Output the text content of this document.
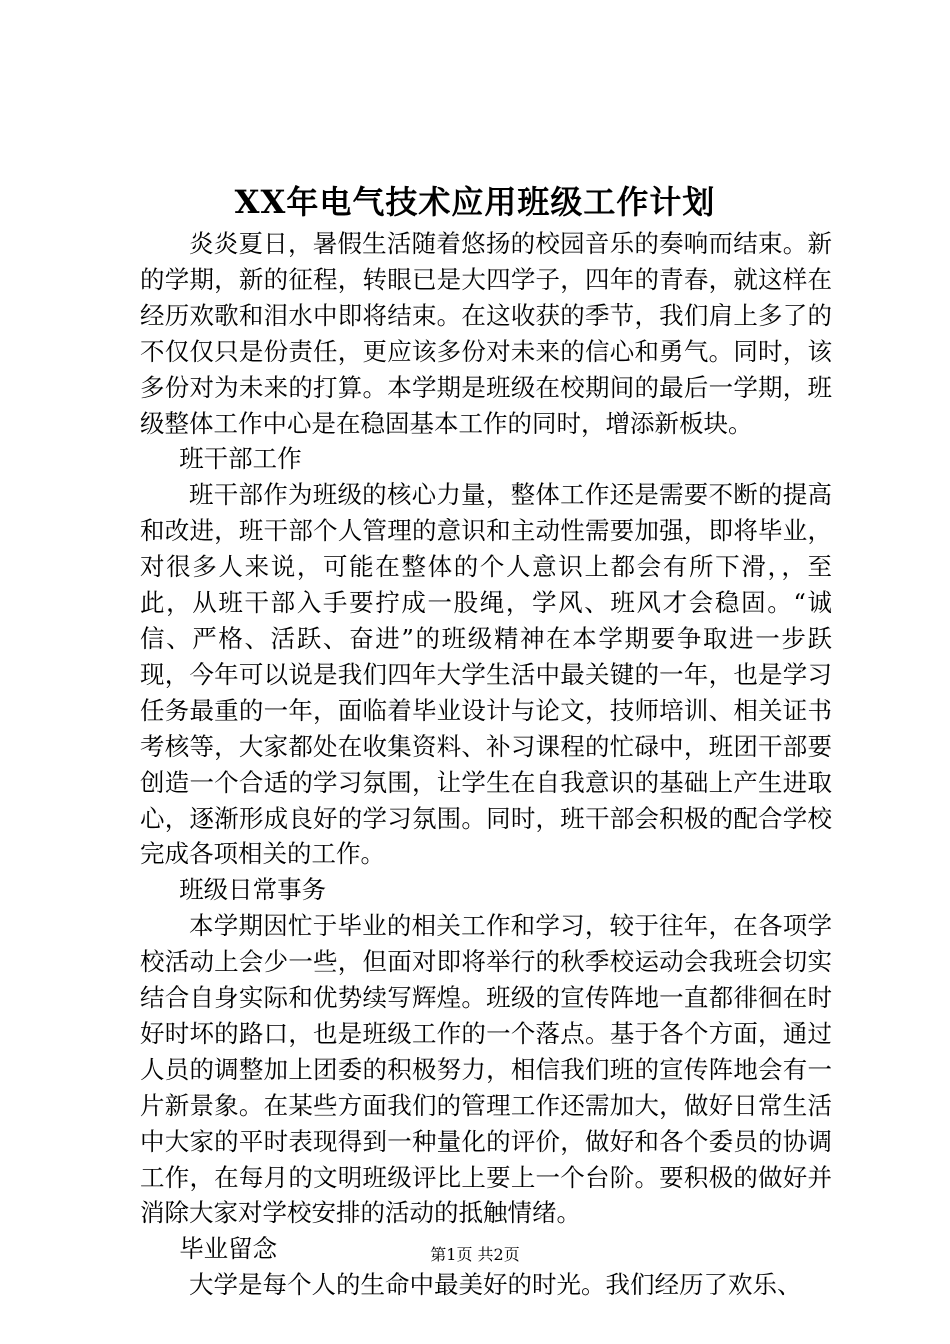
XX年电气技术应用班级工作计划

炎炎夏日，暑假生活随着悠扬的校园音乐的奏响而结束。新的学期，新的征程，转眼已是大四学子，四年的青春，就这样在经历欢歌和泪水中即将结束。在这收获的季节，我们肩上多了的不仅仅只是份责任，更应该多份对未来的信心和勇气。同时，该多份对为未来的打算。本学期是班级在校期间的最后一学期，班级整体工作中心是在稳固基本工作的同时，增添新板块。

班干部工作

班干部作为班级的核心力量，整体工作还是需要不断的提高和改进，班干部个人管理的意识和主动性需要加强，即将毕业，对很多人来说，可能在整体的个人意识上都会有所下滑，，至此，从班干部入手要拧成一股绳，学风、班风才会稳固。“诚信、严格、活跃、奋进”的班级精神在本学期要争取进一步跃现，今年可以说是我们四年大学生活中最关键的一年，也是学习任务最重的一年，面临着毕业设计与论文，技师培训、相关证书考核等，大家都处在收集资料、补习课程的忙碌中，班团干部要创造一个合适的学习氛围，让学生在自我意识的基础上产生进取心，逐渐形成良好的学习氛围。同时，班干部会积极的配合学校完成各项相关的工作。

班级日常事务

本学期因忙于毕业的相关工作和学习，较于往年，在各项学校活动上会少一些，但面对即将举行的秋季校运动会我班会切实结合自身实际和优势续写辉煌。班级的宣传阵地一直都徘徊在时好时坏的路口，也是班级工作的一个落点。基于各个方面，通过人员的调整加上团委的积极努力，相信我们班的宣传阵地会有一片新景象。在某些方面我们的管理工作还需加大，做好日常生活中大家的平时表现得到一种量化的评价，做好和各个委员的协调工作，在每月的文明班级评比上要上一个台阶。要积极的做好并消除大家对学校安排的活动的抵触情绪。

毕业留念

大学是每个人的生命中最美好的时光。我们经历了欢乐、

第1页 共2页
